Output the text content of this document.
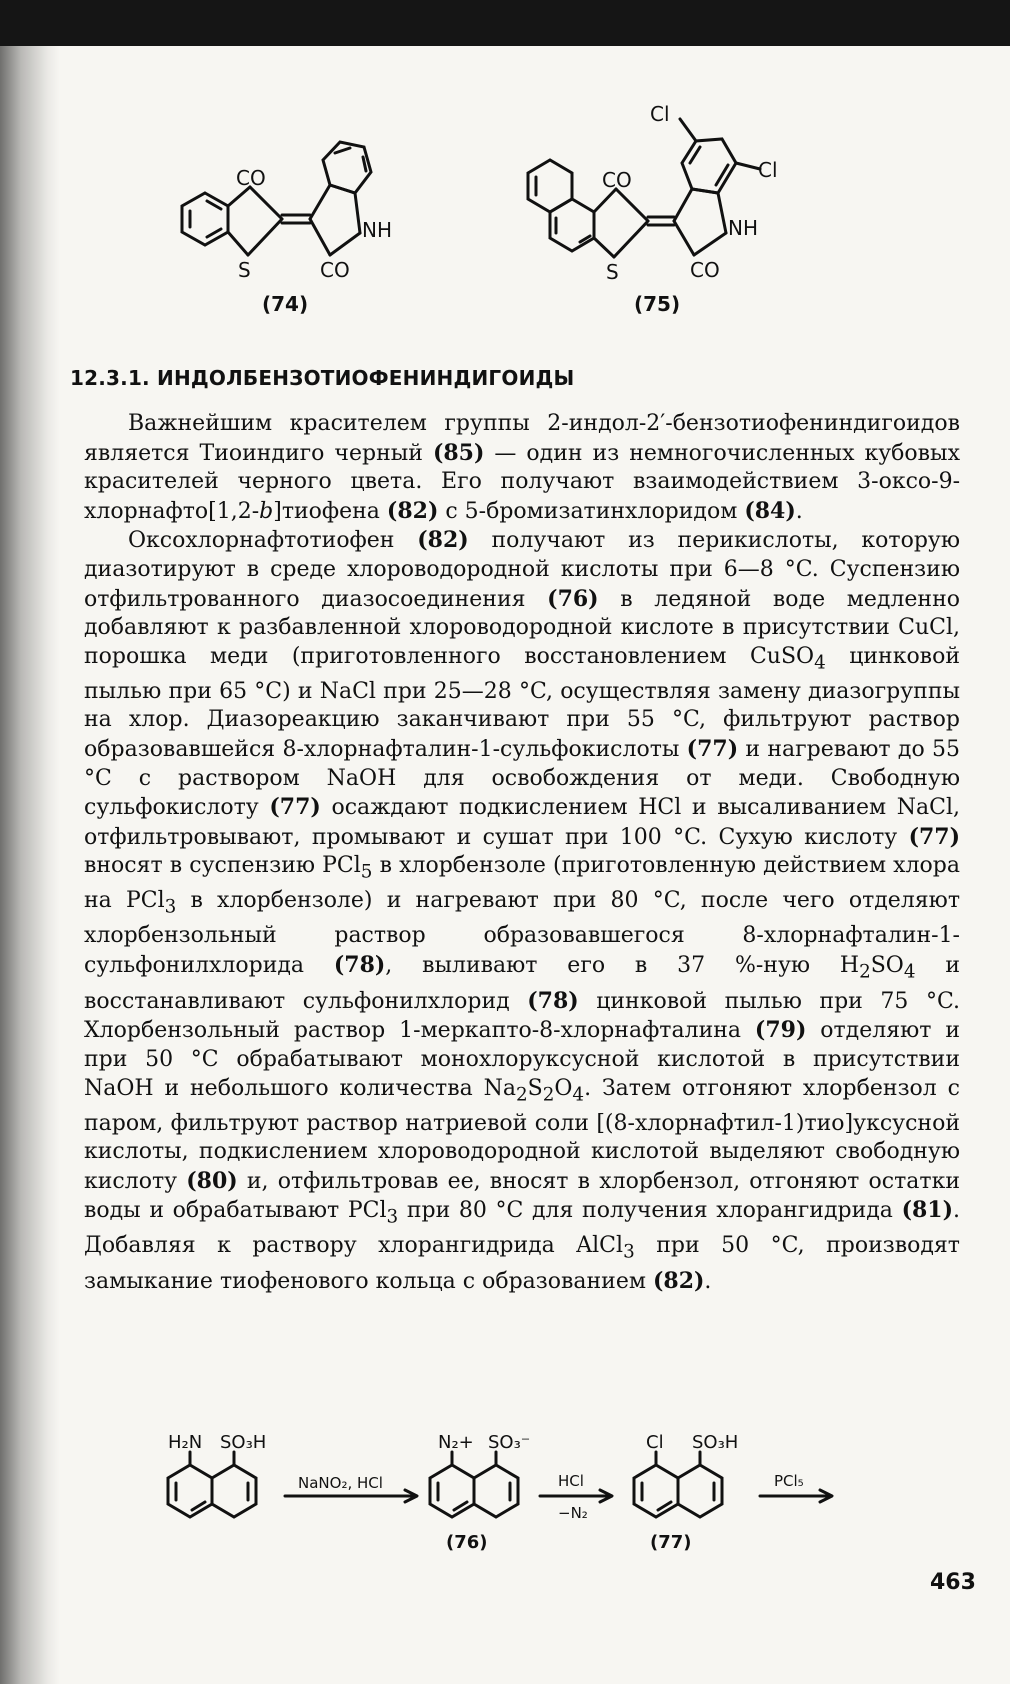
CO
S	CO
NH
(74)
Cl
Cl
CO
S	CO
NH
(75)
12.3.1. ИНДОЛБЕНЗОТИОФЕНИНДИГОИДЫ

Важнейшим красителем группы 2-индол-2′-бензотиофениндигоидов является Тиоиндиго черный (85) — один из немногочисленных кубовых красителей черного цвета. Его получают взаимодействием 3-оксо-9-хлорнафто[1,2-b]тиофена (82) с 5-бромизатинхлоридом (84).

Оксохлорнафтотиофен (82) получают из перикислоты, которую диазотируют в среде хлороводородной кислоты при 6—8 °C. Суспензию отфильтрованного диазосоединения (76) в ледяной воде медленно добавляют к разбавленной хлороводородной кислоте в присутствии CuCl, порошка меди (приготовленного восстановлением CuSO$_4$ цинковой пылью при 65 °C) и NaCl при 25—28 °C, осуществляя замену диазогруппы на хлор. Диазореакцию заканчивают при 55 °C, фильтруют раствор образовавшейся 8-хлорнафталин-1-сульфокислоты (77) и нагревают до 55 °C с раствором NaOH для освобождения от меди. Свободную сульфокислоту (77) осаждают подкислением HCl и высаливанием NaCl, отфильтровывают, промывают и сушат при 100 °C. Сухую кислоту (77) вносят в суспензию PCl$_5$ в хлорбензоле (приготовленную действием хлора на PCl$_3$ в хлорбензоле) и нагревают при 80 °C, после чего отделяют хлорбензольный раствор образовавшегося 8-хлорнафталин-1-сульфонилхлорида (78), выливают его в 37 %-ную $H_2SO_4$ и восстанавливают сульфонилхлорид (78) цинковой пылью при 75 °C. Хлорбензольный раствор 1-меркапто-8-хлорнафталина (79) отделяют и при 50 °C обрабатывают монохлоруксусной кислотой в присутствии NaOH и небольшого количества $Na_2S_2O_4$. Затем отгоняют хлорбензол с паром, фильтруют раствор натриевой соли [(8-хлорнафтил-1)тио]уксусной кислоты, подкислением хлороводородной кислотой выделяют свободную кислоту (80) и, отфильтровав ее, вносят в хлорбензол, отгоняют остатки воды и обрабатывают PCl$_3$ при 80 °C для получения хлорангидрида (81). Добавляя к раствору хлорангидрида AlCl$_3$ при 50 °C, производят замыкание тиофенового кольца с образованием (82).

H₂N SO₃H
NaNO₂, HCl
N₂+ SO₃⁻
(76)
HCl
−N₂
Cl SO₃H
(77)
PCl₅
463
